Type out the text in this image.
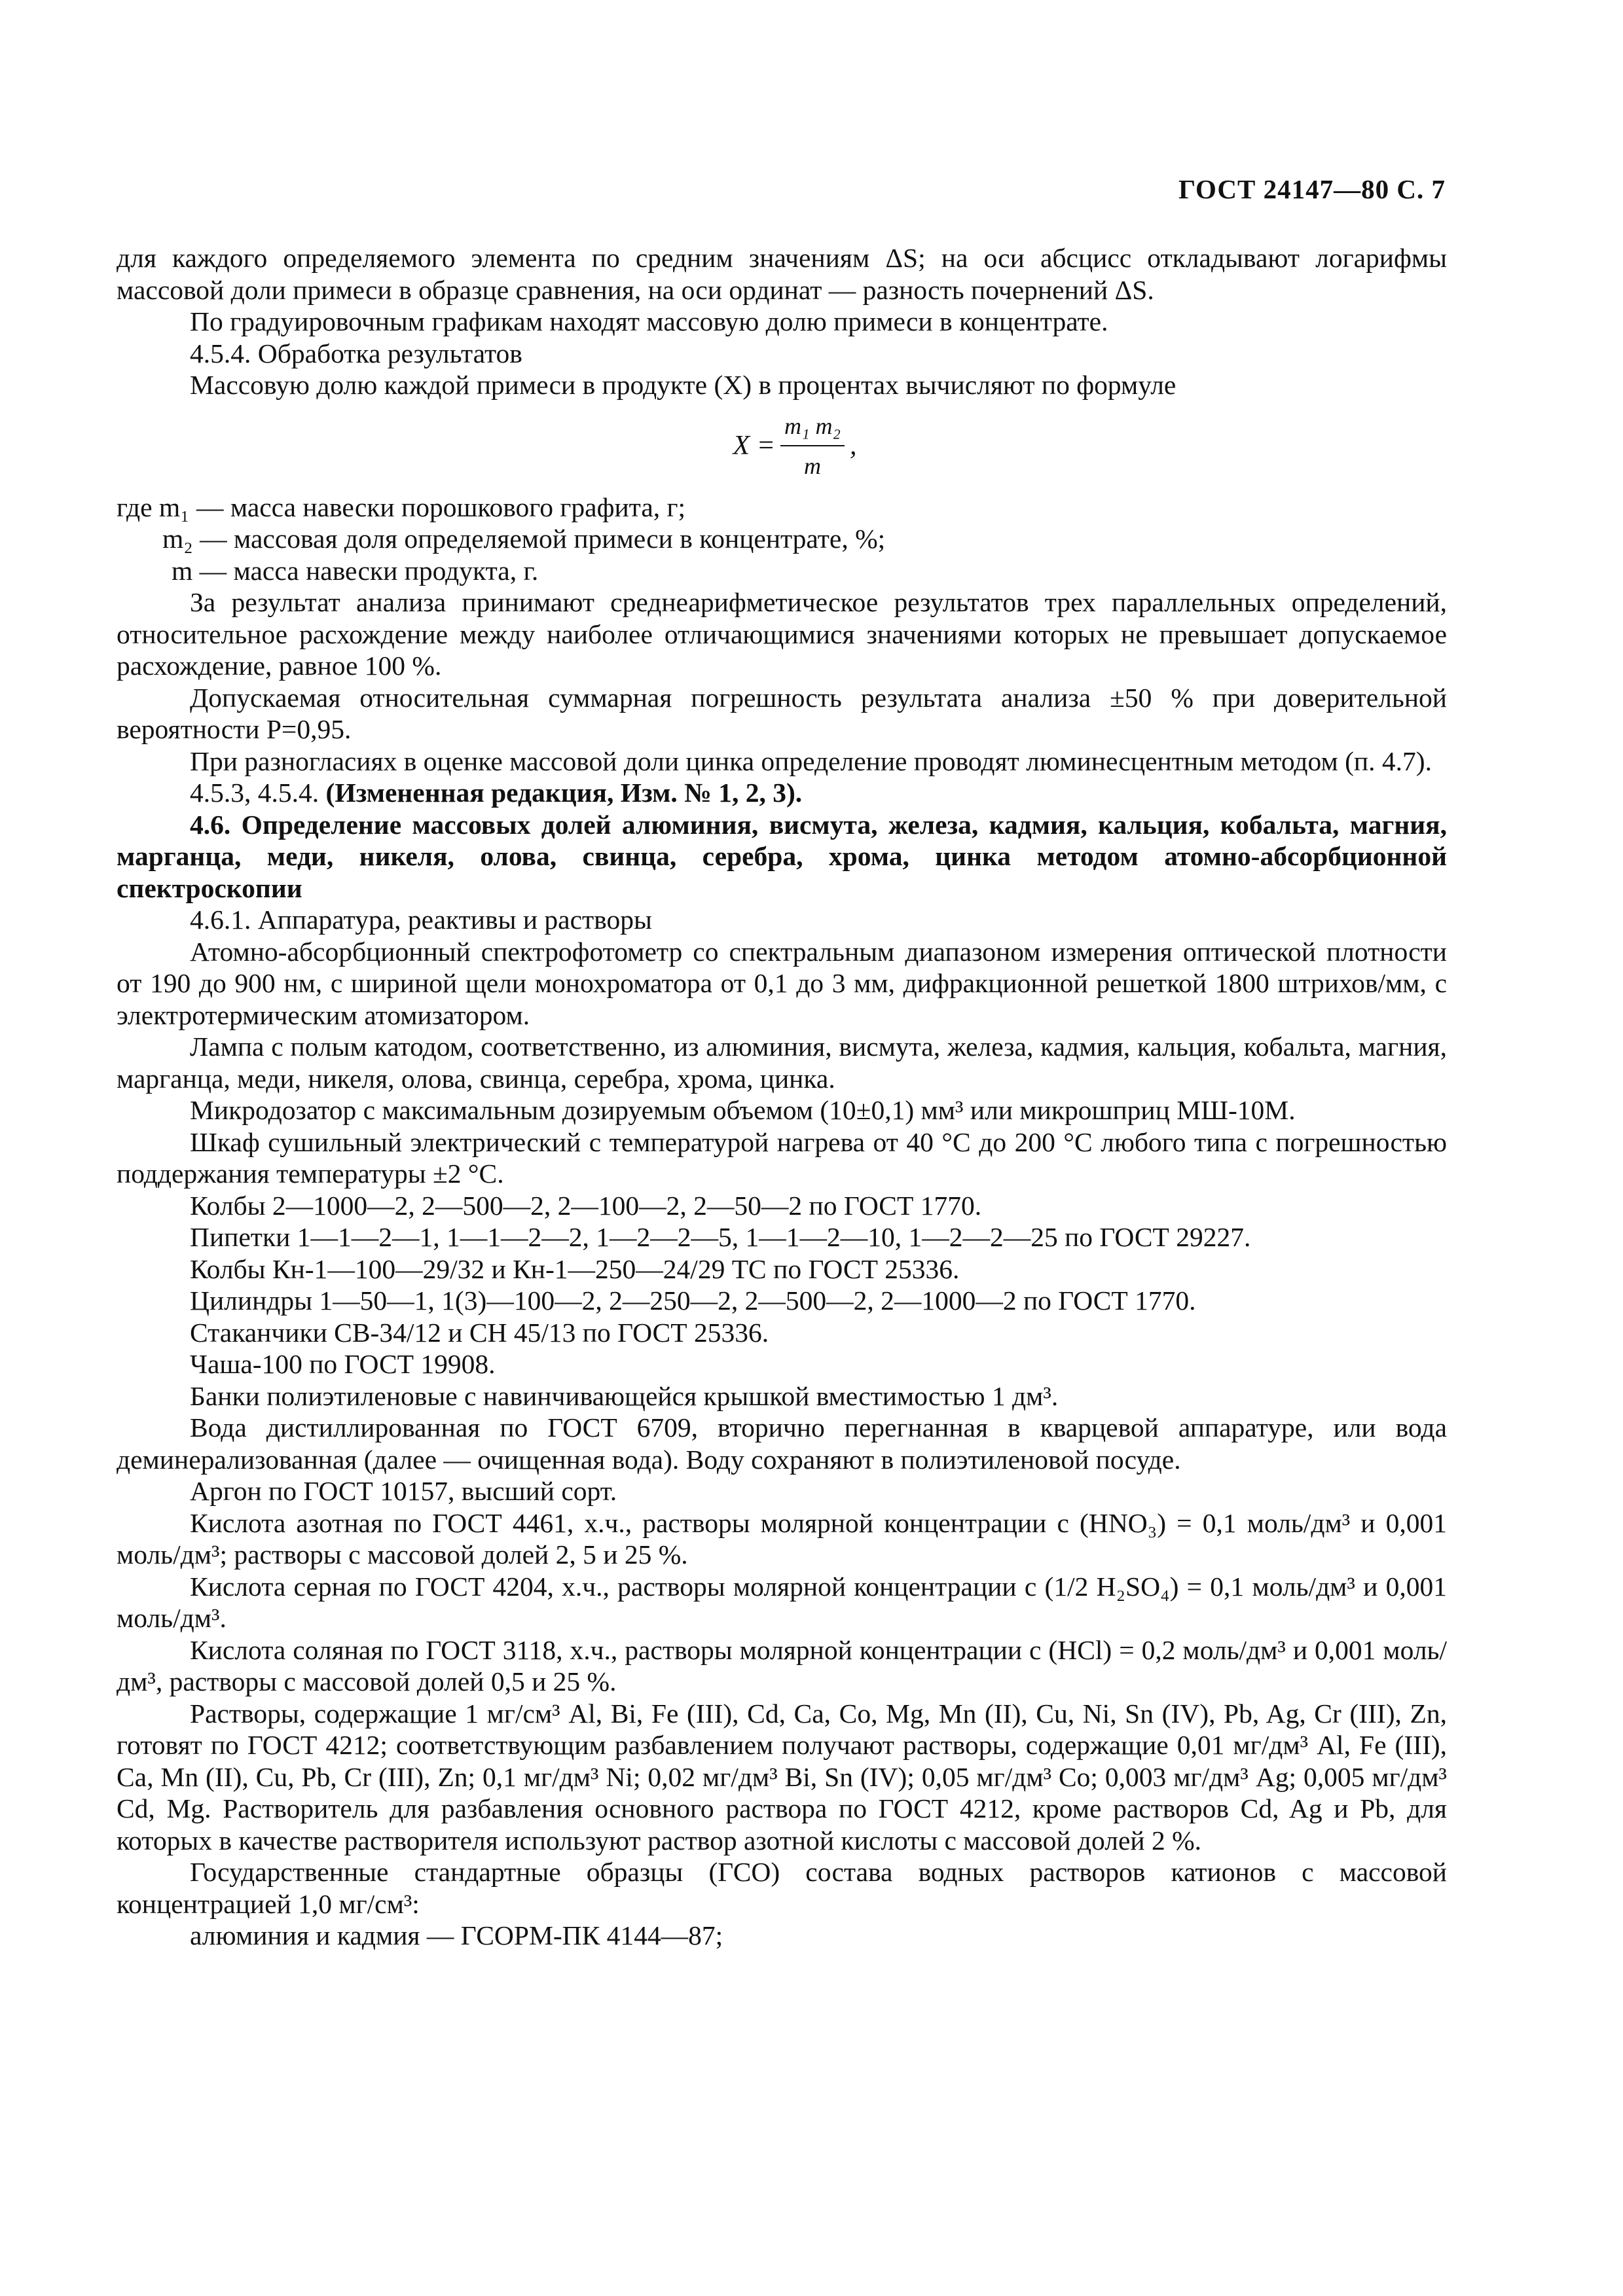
ГОСТ 24147—80 С. 7

для каждого определяемого элемента по средним значениям ΔS; на оси абсцисс откладывают логарифмы массовой доли примеси в образце сравнения, на оси ординат — разность почернений ΔS.

По градуировочным графикам находят массовую долю примеси в концентрате.

4.5.4. Обработка результатов

Массовую долю каждой примеси в продукте (X) в процентах вычисляют по формуле

$X = \frac{\text{m₁ m₂}}{m}$ ,

где m₁ — масса навески порошкового графита, г;

m₂ — массовая доля определяемой примеси в концентрате, %;

m — масса навески продукта, г.

За результат анализа принимают среднеарифметическое результатов трех параллельных определений, относительное расхождение между наиболее отличающимися значениями которых не превышает допускаемое расхождение, равное 100 %.

Допускаемая относительная суммарная погрешность результата анализа ±50 % при доверительной вероятности P=0,95.

При разногласиях в оценке массовой доли цинка определение проводят люминесцентным методом (п. 4.7).

4.5.3, 4.5.4. (Измененная редакция, Изм. № 1, 2, 3).

4.6. Определение массовых долей алюминия, висмута, железа, кадмия, кальция, кобальта, магния, марганца, меди, никеля, олова, свинца, серебра, хрома, цинка методом атомно-абсорбционной спектроскопии

4.6.1. Аппаратура, реактивы и растворы

Атомно-абсорбционный спектрофотометр со спектральным диапазоном измерения оптической плотности от 190 до 900 нм, с шириной щели монохроматора от 0,1 до 3 мм, дифракционной решеткой 1800 штрихов/мм, с электротермическим атомизатором.

Лампа с полым катодом, соответственно, из алюминия, висмута, железа, кадмия, кальция, кобальта, магния, марганца, меди, никеля, олова, свинца, серебра, хрома, цинка.

Микродозатор с максимальным дозируемым объемом (10±0,1) мм³ или микрошприц МШ-10М.

Шкаф сушильный электрический с температурой нагрева от 40 °С до 200 °С любого типа с погрешностью поддержания температуры ±2 °С.

Колбы 2—1000—2, 2—500—2, 2—100—2, 2—50—2 по ГОСТ 1770.

Пипетки 1—1—2—1, 1—1—2—2, 1—2—2—5, 1—1—2—10, 1—2—2—25 по ГОСТ 29227.

Колбы Кн-1—100—29/32 и Кн-1—250—24/29 ТС по ГОСТ 25336.

Цилиндры 1—50—1, 1(3)—100—2, 2—250—2, 2—500—2, 2—1000—2 по ГОСТ 1770.

Стаканчики СВ-34/12 и СН 45/13 по ГОСТ 25336.

Чаша-100 по ГОСТ 19908.

Банки полиэтиленовые с навинчивающейся крышкой вместимостью 1 дм³.

Вода дистиллированная по ГОСТ 6709, вторично перегнанная в кварцевой аппаратуре, или вода деминерализованная (далее — очищенная вода). Воду сохраняют в полиэтиленовой посуде.

Аргон по ГОСТ 10157, высший сорт.

Кислота азотная по ГОСТ 4461, х.ч., растворы молярной концентрации c (HNO₃) = 0,1 моль/дм³ и 0,001 моль/дм³; растворы с массовой долей 2, 5 и 25 %.

Кислота серная по ГОСТ 4204, х.ч., растворы молярной концентрации c (1/2 H₂SO₄) = 0,1 моль/дм³ и 0,001 моль/дм³.

Кислота соляная по ГОСТ 3118, х.ч., растворы молярной концентрации c (HCl) = 0,2 моль/дм³ и 0,001 моль/дм³, растворы с массовой долей 0,5 и 25 %.

Растворы, содержащие 1 мг/см³ Al, Bi, Fe (III), Cd, Ca, Co, Mg, Mn (II), Cu, Ni, Sn (IV), Pb, Ag, Cr (III), Zn, готовят по ГОСТ 4212; соответствующим разбавлением получают растворы, содержащие 0,01 мг/дм³ Al, Fe (III), Ca, Mn (II), Cu, Pb, Cr (III), Zn; 0,1 мг/дм³ Ni; 0,02 мг/дм³ Bi, Sn (IV); 0,05 мг/дм³ Co; 0,003 мг/дм³ Ag; 0,005 мг/дм³ Cd, Mg. Растворитель для разбавления основного раствора по ГОСТ 4212, кроме растворов Cd, Ag и Pb, для которых в качестве растворителя используют раствор азотной кислоты с массовой долей 2 %.

Государственные стандартные образцы (ГСО) состава водных растворов катионов с массовой концентрацией 1,0 мг/см³:

алюминия и кадмия — ГСОРМ-ПК 4144—87;
